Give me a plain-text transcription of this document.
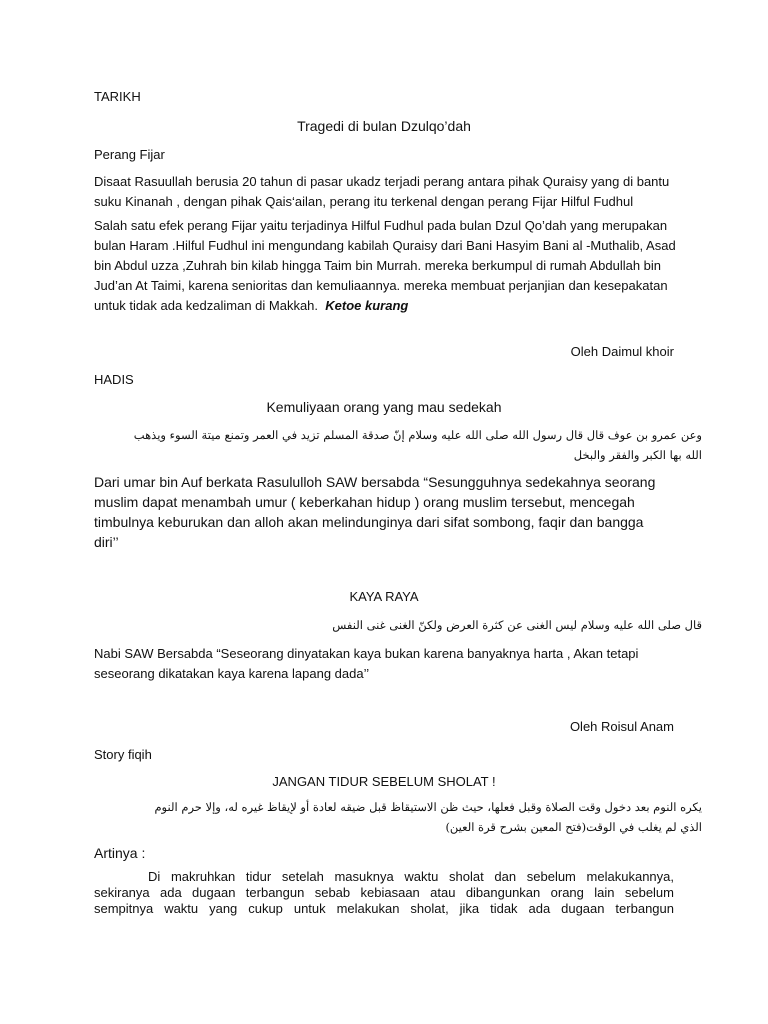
TARIKH

Tragedi di bulan Dzulqo’dah

Perang Fijar

Disaat Rasuullah berusia 20 tahun di pasar ukadz terjadi perang antara pihak Quraisy yang di bantu
suku Kinanah , dengan pihak Qais‘ailan, perang itu terkenal dengan perang Fijar Hilful Fudhul
Salah satu efek perang Fijar yaitu terjadinya Hilful Fudhul pada bulan Dzul Qo’dah yang merupakan
bulan Haram .Hilful Fudhul ini mengundang kabilah Quraisy dari Bani Hasyim Bani al -Muthalib, Asad
bin Abdul uzza ,Zuhrah bin kilab hingga Taim bin Murrah. mereka berkumpul di rumah Abdullah bin
Jud’an At Taimi, karena senioritas dan kemuliaannya. mereka membuat perjanjian dan kesepakatan
untuk tidak ada kedzaliman di Makkah. Ketoe kurang

Oleh Daimul khoir

HADIS

Kemuliyaan orang yang mau sedekah

وعن عمرو بن عوف قال قال رسول الله صلى الله عليه وسلام إنّ صدقة المسلم تزيد في العمر وتمنع ميتة السوء ويذهب
الله بها الكبر والفقر والبخل
Dari umar bin Auf berkata Rasululloh SAW bersabda “Sesungguhnya sedekahnya seorang
muslim dapat menambah umur ( keberkahan hidup ) orang muslim tersebut, mencegah
timbulnya keburukan dan alloh akan melindunginya dari sifat sombong, faqir dan bangga
diri’’

KAYA RAYA

قال صلى الله عليه وسلام ليس الغنى عن كثرة العرض ولكنّ الغنى غنى النفس

Nabi SAW Bersabda “Seseorang dinyatakan kaya bukan karena banyaknya harta , Akan tetapi
seseorang dikatakan kaya karena lapang dada’’

Oleh Roisul Anam

Story fiqih

JANGAN TIDUR SEBELUM SHOLAT !

يكره النوم بعد دخول وقت الصلاة وقبل فعلها، حيث ظن الاستيقاظ قبل ضيقه لعادة أو لإيقاظ غيره له، وإلا حرم النوم
الذي لم يغلب في الوقت(فتح المعين بشرح قرة العين)

Artinya :

Di makruhkan tidur setelah masuknya waktu sholat dan sebelum melakukannya,
sekiranya ada dugaan terbangun sebab kebiasaan atau dibangunkan orang lain sebelum
sempitnya waktu yang cukup untuk melakukan sholat, jika tidak ada dugaan terbangun
